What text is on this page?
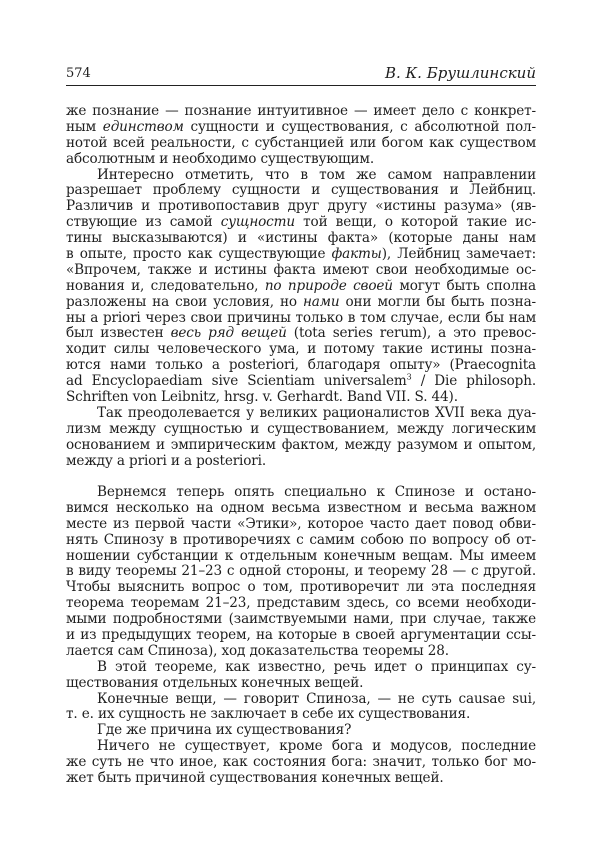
574	В. К. Брушлинский
же познание — познание интуитивное — имеет дело с конкрет-
ным единством сущности и существования, с абсолютной пол-
нотой всей реальности, с субстанцией или богом как существом
абсолютным и необходимо существующим.
Интересно отметить, что в том же самом направлении
разрешает проблему сущности и существования и Лейбниц.
Различив и противопоставив друг другу «истины разума» (яв-
ствующие из самой сущности той вещи, о которой такие ис-
тины высказываются) и «истины факта» (которые даны нам
в опыте, просто как существующие факты), Лейбниц замечает:
«Впрочем, также и истины факта имеют свои необходимые ос-
нования и, следовательно, по природе своей могут быть сполна
разложены на свои условия, но нами они могли бы быть позна-
ны a priori через свои причины только в том случае, если бы нам
был известен весь ряд вещей (tota series rerum), а это превос-
ходит силы человеческого ума, и потому такие истины позна-
ются нами только a posteriori, благодаря опыту» (Praecognita
ad Encyclopaediam sive Scientiam universalem$^3$ / Die philosoph.
Schriften von Leibnitz, hrsg. v. Gerhardt. Band VII. S. 44).
Так преодолевается у великих рационалистов XVII века дуа-
лизм между сущностью и существованием, между логическим
основанием и эмпирическим фактом, между разумом и опытом,
между a priori и a posteriori.
Вернемся теперь опять специально к Спинозе и остано-
вимся несколько на одном весьма известном и весьма важном
месте из первой части «Этики», которое часто дает повод обви-
нять Спинозу в противоречиях с самим собою по вопросу об от-
ношении субстанции к отдельным конечным вещам. Мы имеем
в виду теоремы 21–23 с одной стороны, и теорему 28 — с другой.
Чтобы выяснить вопрос о том, противоречит ли эта последняя
теорема теоремам 21–23, представим здесь, со всеми необходи-
мыми подробностями (заимствуемыми нами, при случае, также
и из предыдущих теорем, на которые в своей аргументации ссы-
лается сам Спиноза), ход доказательства теоремы 28.
В этой теореме, как известно, речь идет о принципах су-
ществования отдельных конечных вещей.
Конечные вещи, — говорит Спиноза, — не суть causae sui,
т. е. их сущность не заключает в себе их существования.
Где же причина их существования?
Ничего не существует, кроме бога и модусов, последние
же суть не что иное, как состояния бога: значит, только бог мо-
жет быть причиной существования конечных вещей.
